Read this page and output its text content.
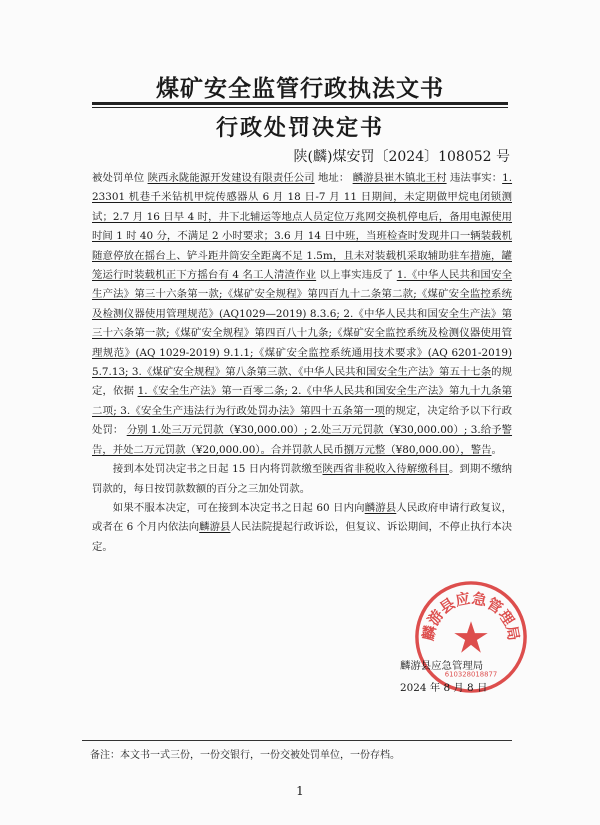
煤矿安全监管行政执法文书
行政处罚决定书
陕(麟)煤安罚〔2024〕108052 号

被处罚单位 陕西永陇能源开发建设有限责任公司 地址： 麟游县崔木镇北王村 违法事实：1.23301 机巷千米钻机甲烷传感器从 6 月 18 日-7 月 11 日期间，未定期做甲烷电闭锁测试；2.7 月 16 日早 4 时，井下北辅运等地点人员定位万兆网交换机停电后，备用电源使用时间 1 时 40 分，不满足 2 小时要求；3.6 月 14 日中班，当班检查时发现井口一辆装载机随意停放在摇台上、铲斗距井筒安全距离不足 1.5m，且未对装载机采取辅助驻车措施，罐笼运行时装载机正下方摇台有 4 名工人清渣作业 以上事实违反了 1.《中华人民共和国安全生产法》第三十六条第一款;《煤矿安全规程》第四百九十二条第二款;《煤矿安全监控系统及检测仪器使用管理规范》(AQ1029—2019) 8.3.6; 2.《中华人民共和国安全生产法》第三十六条第一款;《煤矿安全规程》第四百八十九条;《煤矿安全监控系统及检测仪器使用管理规范》(AQ 1029-2019) 9.1.1;《煤矿安全监控系统通用技术要求》(AQ 6201-2019) 5.7.13; 3.《煤矿安全规程》第八条第三款、《中华人民共和国安全生产法》第五十七条的规定，依据 1.《安全生产法》第一百零二条; 2.《中华人民共和国安全生产法》第九十九条第二项; 3.《安全生产违法行为行政处罚办法》第四十五条第一项的规定，决定给予以下行政处罚： 分别 1.处三万元罚款（¥30,000.00）; 2.处三万元罚款（¥30,000.00）; 3.给予警告，并处二万元罚款（¥20,000.00）。合并罚款人民币捌万元整（¥80,000.00），警告。

接到本处罚决定书之日起 15 日内将罚款缴至陕西省非税收入待解缴科目。到期不缴纳罚款的，每日按罚款数额的百分之三加处罚款。

如果不服本决定，可在接到本决定书之日起 60 日内向麟游县人民政府申请行政复议，或者在 6 个月内依法向麟游县人民法院提起行政诉讼，但复议、诉讼期间，不停止执行本决定。

麟游县应急管理局
610328018877
麟游县应急管理局
2024 年 8 月 8 日
备注：本文书一式三份，一份交银行，一份交被处罚单位，一份存档。
1
